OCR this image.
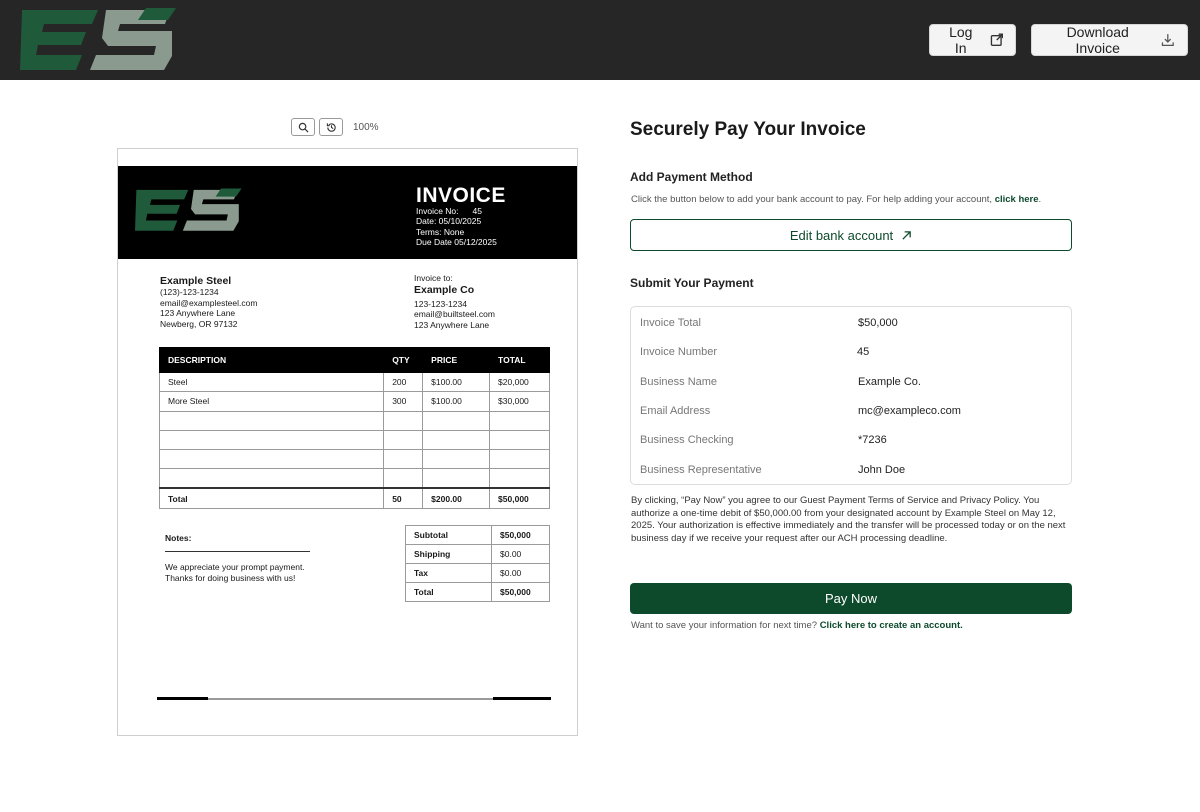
Log In
Download Invoice
100%
INVOICE
Invoice No: 45
Date: 05/10/2025
Terms: None
Due Date 05/12/2025
Example Steel
(123)-123-1234
email@examplesteel.com
123 Anywhere Lane
Newberg, OR 97132
Invoice to:
Example Co
123-123-1234
email@builtsteel.com
123 Anywhere Lane
DESCRIPTION	QTY	PRICE	TOTAL
Steel	200	$100.00	$20,000
More Steel	300	$100.00	$30,000

Total	50	$200.00	$50,000
Notes:
We appreciate your prompt payment.
Thanks for doing business with us!
Subtotal	$50,000
Shipping	$0.00
Tax	$0.00
Total	$50,000
Securely Pay Your Invoice
Add Payment Method
Click the button below to add your bank account to pay. For help adding your account, click here.
Edit bank account
Submit Your Payment
Invoice Total	$50,000
Invoice Number	45
Business Name	Example Co.
Email Address	mc@exampleco.com
Business Checking	*7236
Business Representative	John Doe
By clicking, “Pay Now” you agree to our Guest Payment Terms of Service and Privacy Policy. You authorize a one-time debit of $50,000.00 from your designated account by Example Steel on May 12, 2025. Your authorization is effective immediately and the transfer will be processed today or on the next business day if we receive your request after our ACH processing deadline.
Pay Now
Want to save your information for next time? Click here to create an account.
